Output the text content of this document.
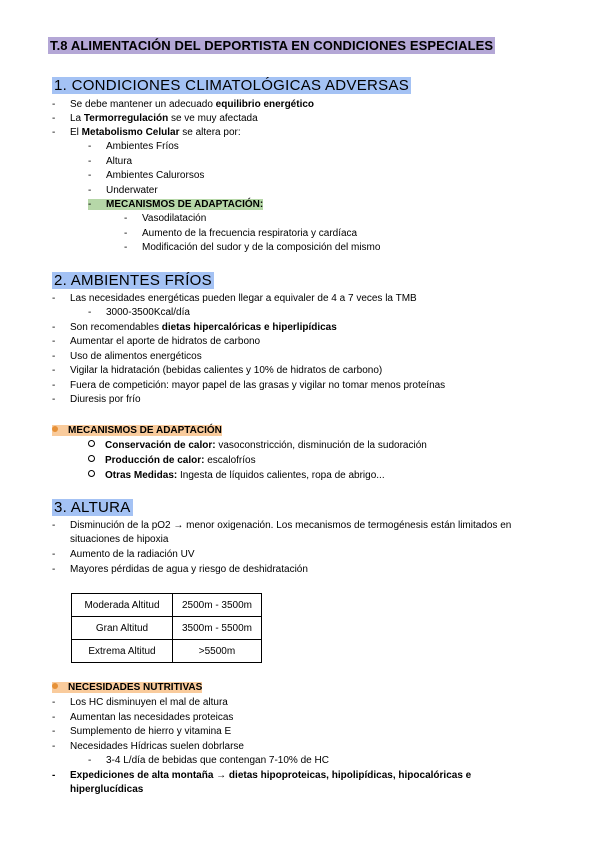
T.8 ALIMENTACIÓN DEL DEPORTISTA EN CONDICIONES ESPECIALES
1. CONDICIONES CLIMATOLÓGICAS ADVERSAS
- Se debe mantener un adecuado equilibrio energético
- La Termorregulación se ve muy afectada
- El Metabolismo Celular se altera por:
- Ambientes Fríos
- Altura
- Ambientes Calurorsos
- Underwater
- MECANISMOS DE ADAPTACIÓN:
- Vasodilatación
- Aumento de la frecuencia respiratoria y cardíaca
- Modificación del sudor y de la composición del mismo
2. AMBIENTES FRÍOS
- Las necesidades energéticas pueden llegar a equivaler de 4 a 7 veces la TMB
- 3000-3500Kcal/día
- Son recomendables dietas hipercalóricas e hiperlipídicas
- Aumentar el aporte de hidratos de carbono
- Uso de alimentos energéticos
- Vigilar la hidratación (bebidas calientes y 10% de hidratos de carbono)
- Fuera de competición: mayor papel de las grasas y vigilar no tomar menos proteínas
- Diuresis por frío
MECANISMOS DE ADAPTACIÓN
Conservación de calor: vasoconstricción, disminución de la sudoración
Producción de calor: escalofríos
Otras Medidas: Ingesta de líquidos calientes, ropa de abrigo...
3. ALTURA
- Disminución de la pO2 → menor oxigenación. Los mecanismos de termogénesis están limitados en
situaciones de hipoxia
- Aumento de la radiación UV
- Mayores pérdidas de agua y riesgo de deshidratación
Moderada Altitud	2500m - 3500m
Gran Altitud	3500m - 5500m
Extrema Altitud	>5500m
NECESIDADES NUTRITIVAS
- Los HC disminuyen el mal de altura
- Aumentan las necesidades proteicas
- Sumplemento de hierro y vitamina E
- Necesidades Hídricas suelen dobrlarse
- 3-4 L/día de bebidas que contengan 7-10% de HC
- Expediciones de alta montaña → dietas hipoproteicas, hipolipídicas, hipocalóricas e
hiperglucídicas
